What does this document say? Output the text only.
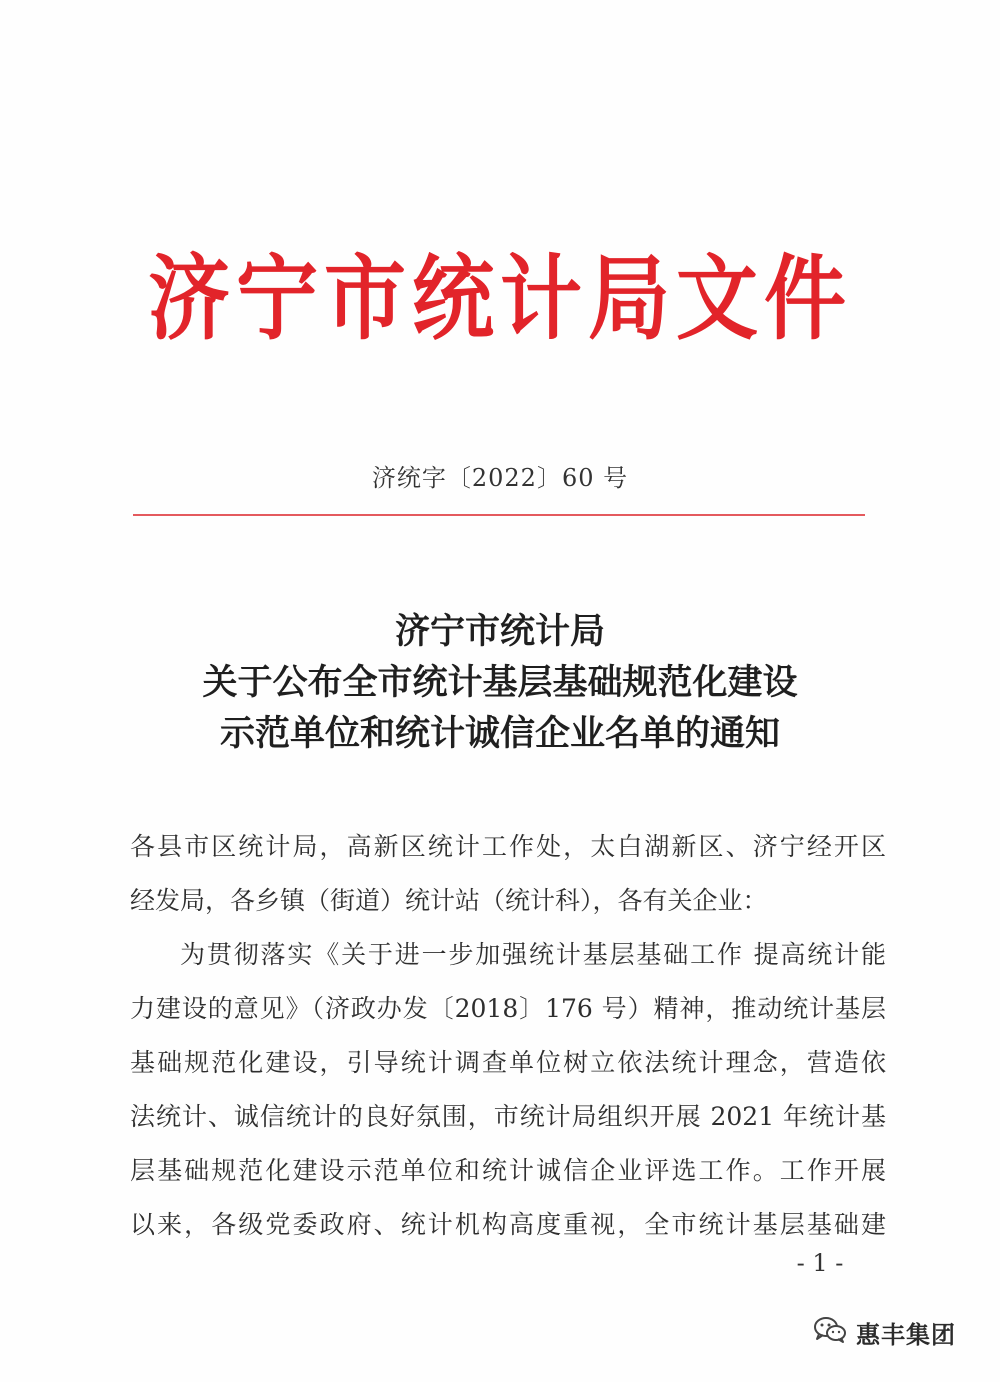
济宁市统计局文件
济统字〔2022〕60 号
济宁市统计局
关于公布全市统计基层基础规范化建设
示范单位和统计诚信企业名单的通知
各县市区统计局，高新区统计工作处，太白湖新区、济宁经开区
经发局，各乡镇（街道）统计站（统计科），各有关企业：
为贯彻落实《关于进一步加强统计基层基础工作 提高统计能
力建设的意见》（济政办发〔2018〕176 号）精神，推动统计基层
基础规范化建设，引导统计调查单位树立依法统计理念，营造依
法统计、诚信统计的良好氛围，市统计局组织开展 2021 年统计基
层基础规范化建设示范单位和统计诚信企业评选工作。工作开展
以来，各级党委政府、统计机构高度重视，全市统计基层基础建
- 1 -
惠丰集团
